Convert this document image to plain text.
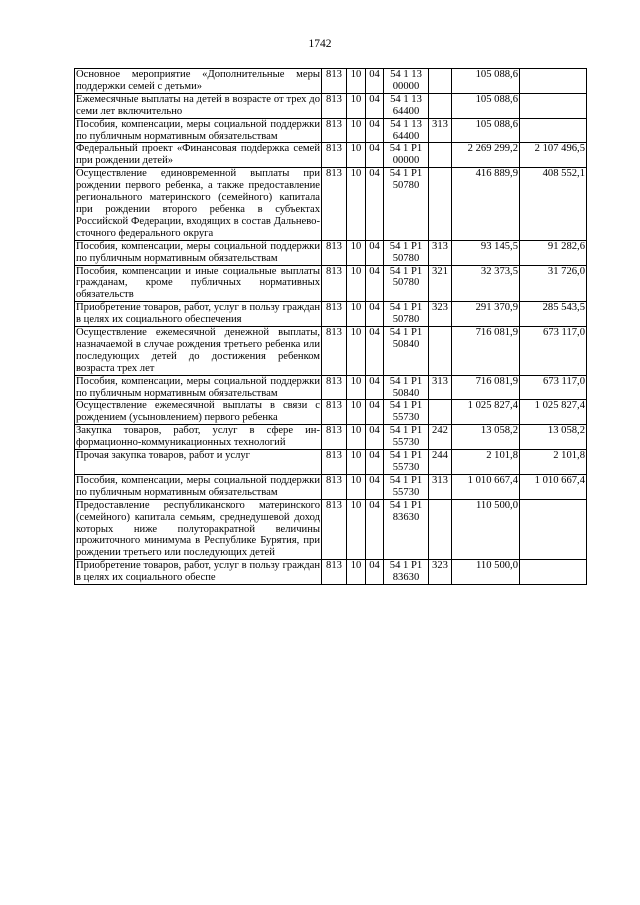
1742
Основное мероприятие «Дополнительные меры поддержки семей с детьми»	813	10	04	54 1 13
00000		105 088,6	
Ежемесячные выплаты на детей в возрасте от трех до семи лет включительно	813	10	04	54 1 13
64400		105 088,6	
Пособия, компенсации, меры социальной поддержки по публичным нормативным обязательствам	813	10	04	54 1 13
64400	313	105 088,6	
Федеральный проект «Финансовая подdержка семей при рождении детей»	813	10	04	54 1 P1
00000		2 269 299,2	2 107 496,5
Осуществление единовременной выплаты при рождении первого ребенка, а также предоставление регионального материнского (семейного) капитала при рождении второго ребенка в субъектах Российской Федерации, входящих в состав Дальневосточного федерального округа	813	10	04	54 1 P1
50780		416 889,9	408 552,1
Пособия, компенсации, меры социальной поддержки по публичным нормативным обязательствам	813	10	04	54 1 P1
50780	313	93 145,5	91 282,6
Пособия, компенсации и иные социальные выплаты гражданам, кроме публичных нормативных обязательств	813	10	04	54 1 P1
50780	321	32 373,5	31 726,0
Приобретение товаров, работ, услуг в пользу граждан в целях их социального обеспечения	813	10	04	54 1 P1
50780	323	291 370,9	285 543,5
Осуществление ежемесячной денежной выплаты, назначаемой в случае рождения третьего ребенка или последующих детей до достижения ребенком возраста трех лет	813	10	04	54 1 P1
50840		716 081,9	673 117,0
Пособия, компенсации, меры социальной поддержки по публичным нормативным обязательствам	813	10	04	54 1 P1
50840	313	716 081,9	673 117,0
Осуществление ежемесячной выплаты в связи с рождением (усыновлением) первого ребенка	813	10	04	54 1 P1
55730		1 025 827,4	1 025 827,4
Закупка товаров, работ, услуг в сфере информационно-коммуникационных технологий	813	10	04	54 1 P1
55730	242	13 058,2	13 058,2
Прочая закупка товаров, работ и услуг	813	10	04	54 1 P1
55730	244	2 101,8	2 101,8
Пособия, компенсации, меры социальной поддержки по публичным нормативным обязательствам	813	10	04	54 1 P1
55730	313	1 010 667,4	1 010 667,4
Предоставление республиканского материнского (семейного) капитала семьям, среднедушевой доход которых ниже полуторакратной величины прожиточного минимума в Республике Бурятия, при рождении третьего или последующих детей	813	10	04	54 1 P1
83630		110 500,0	
Приобретение товаров, работ, услуг в пользу граждан в целях их социального обеспе	813	10	04	54 1 P1
83630	323	110 500,0	
